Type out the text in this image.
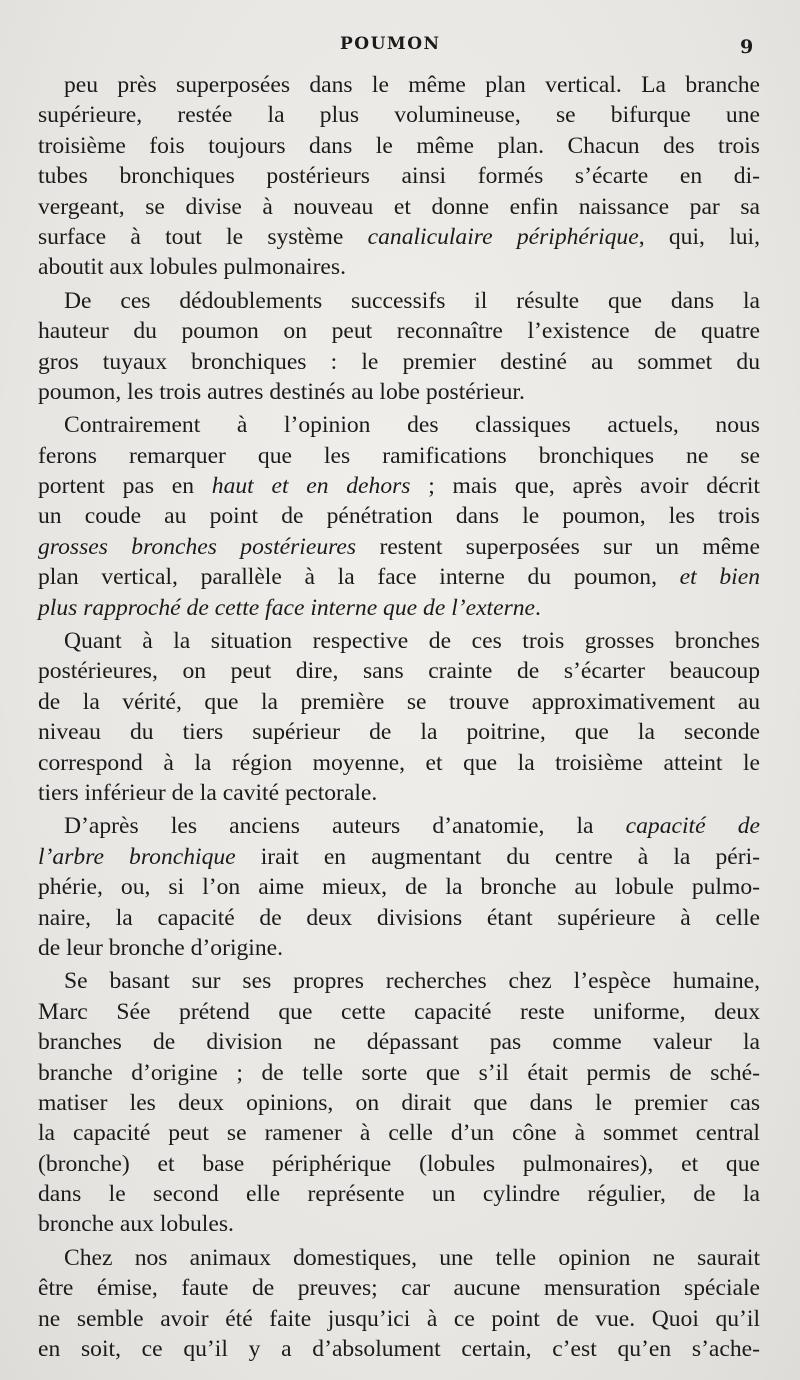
POUMON	9
peu près superposées dans le même plan vertical. La branche
supérieure, restée la plus volumineuse, se bifurque une
troisième fois toujours dans le même plan. Chacun des trois
tubes bronchiques postérieurs ainsi formés s’écarte en di-
vergeant, se divise à nouveau et donne enfin naissance par sa
surface à tout le système canaliculaire périphérique, qui, lui,
aboutit aux lobules pulmonaires.
De ces dédoublements successifs il résulte que dans la
hauteur du poumon on peut reconnaître l’existence de quatre
gros tuyaux bronchiques : le premier destiné au sommet du
poumon, les trois autres destinés au lobe postérieur.
Contrairement à l’opinion des classiques actuels, nous
ferons remarquer que les ramifications bronchiques ne se
portent pas en haut et en dehors ; mais que, après avoir décrit
un coude au point de pénétration dans le poumon, les trois
grosses bronches postérieures restent superposées sur un même
plan vertical, parallèle à la face interne du poumon, et bien
plus rapproché de cette face interne que de l’externe.
Quant à la situation respective de ces trois grosses bronches
postérieures, on peut dire, sans crainte de s’écarter beaucoup
de la vérité, que la première se trouve approximativement au
niveau du tiers supérieur de la poitrine, que la seconde
correspond à la région moyenne, et que la troisième atteint le
tiers inférieur de la cavité pectorale.
D’après les anciens auteurs d’anatomie, la capacité de
l’arbre bronchique irait en augmentant du centre à la péri-
phérie, ou, si l’on aime mieux, de la bronche au lobule pulmo-
naire, la capacité de deux divisions étant supérieure à celle
de leur bronche d’origine.
Se basant sur ses propres recherches chez l’espèce humaine,
Marc Sée prétend que cette capacité reste uniforme, deux
branches de division ne dépassant pas comme valeur la
branche d’origine ; de telle sorte que s’il était permis de sché-
matiser les deux opinions, on dirait que dans le premier cas
la capacité peut se ramener à celle d’un cône à sommet central
(bronche) et base périphérique (lobules pulmonaires), et que
dans le second elle représente un cylindre régulier, de la
bronche aux lobules.
Chez nos animaux domestiques, une telle opinion ne saurait
être émise, faute de preuves; car aucune mensuration spéciale
ne semble avoir été faite jusqu’ici à ce point de vue. Quoi qu’il
en soit, ce qu’il y a d’absolument certain, c’est qu’en s’ache-
